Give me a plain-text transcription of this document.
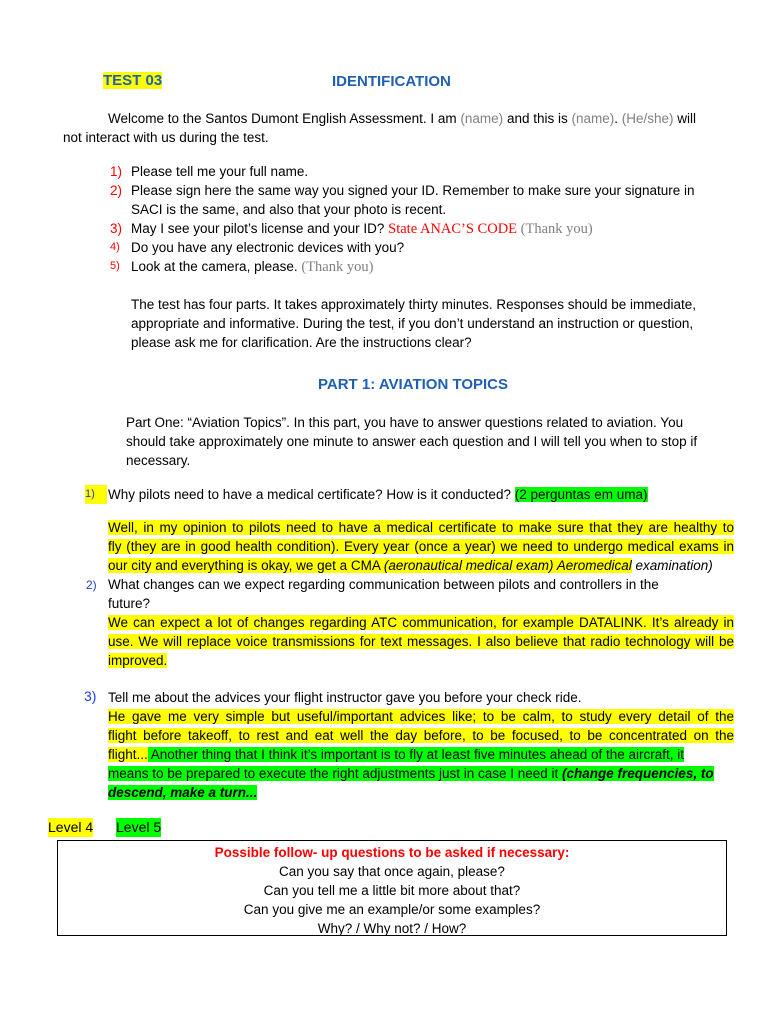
TEST 03	IDENTIFICATION

Welcome to the Santos Dumont English Assessment. I am (name) and this is (name). (He/she) will

not interact with us during the test.

1) Please tell me your full name.
2) Please sign here the same way you signed your ID. Remember to make sure your signature in
SACI is the same, and also that your photo is recent.
3) May I see your pilot’s license and your ID? State ANAC’S CODE (Thank you)
4) Do you have any electronic devices with you?
5) Look at the camera, please. (Thank you)

The test has four parts. It takes approximately thirty minutes. Responses should be immediate,

appropriate and informative. During the test, if you don’t understand an instruction or question,

please ask me for clarification. Are the instructions clear?

PART 1: AVIATION TOPICS

Part One: “Aviation Topics”. In this part, you have to answer questions related to aviation. You

should take approximately one minute to answer each question and I will tell you when to stop if

necessary.

1) Why pilots need to have a medical certificate? How is it conducted? (2 perguntas em uma)

Well, in my opinion to pilots need to have a medical certificate to make sure that they are healthy to

fly (they are in good health condition). Every year (once a year) we need to undergo medical exams in

our city and everything is okay, we get a CMA (aeronautical medical exam) Aeromedical examination)

2) What changes can we expect regarding communication between pilots and controllers in the

future?

We can expect a lot of changes regarding ATC communication, for example DATALINK. It’s already in

use. We will replace voice transmissions for text messages. I also believe that radio technology will be

improved.

3) Tell me about the advices your flight instructor gave you before your check ride.

He gave me very simple but useful/important advices like; to be calm, to study every detail of the

flight before takeoff, to rest and eat well the day before, to be focused, to be concentrated on the

flight... Another thing that I think it’s important is to fly at least five minutes ahead of the aircraft, it

means to be prepared to execute the right adjustments just in case I need it (change frequencies, to

descend, make a turn...

Level 4 Level 5
Possible follow- up questions to be asked if necessary:
Can you say that once again, please?
Can you tell me a little bit more about that?
Can you give me an example/or some examples?
Why? / Why not? / How?
